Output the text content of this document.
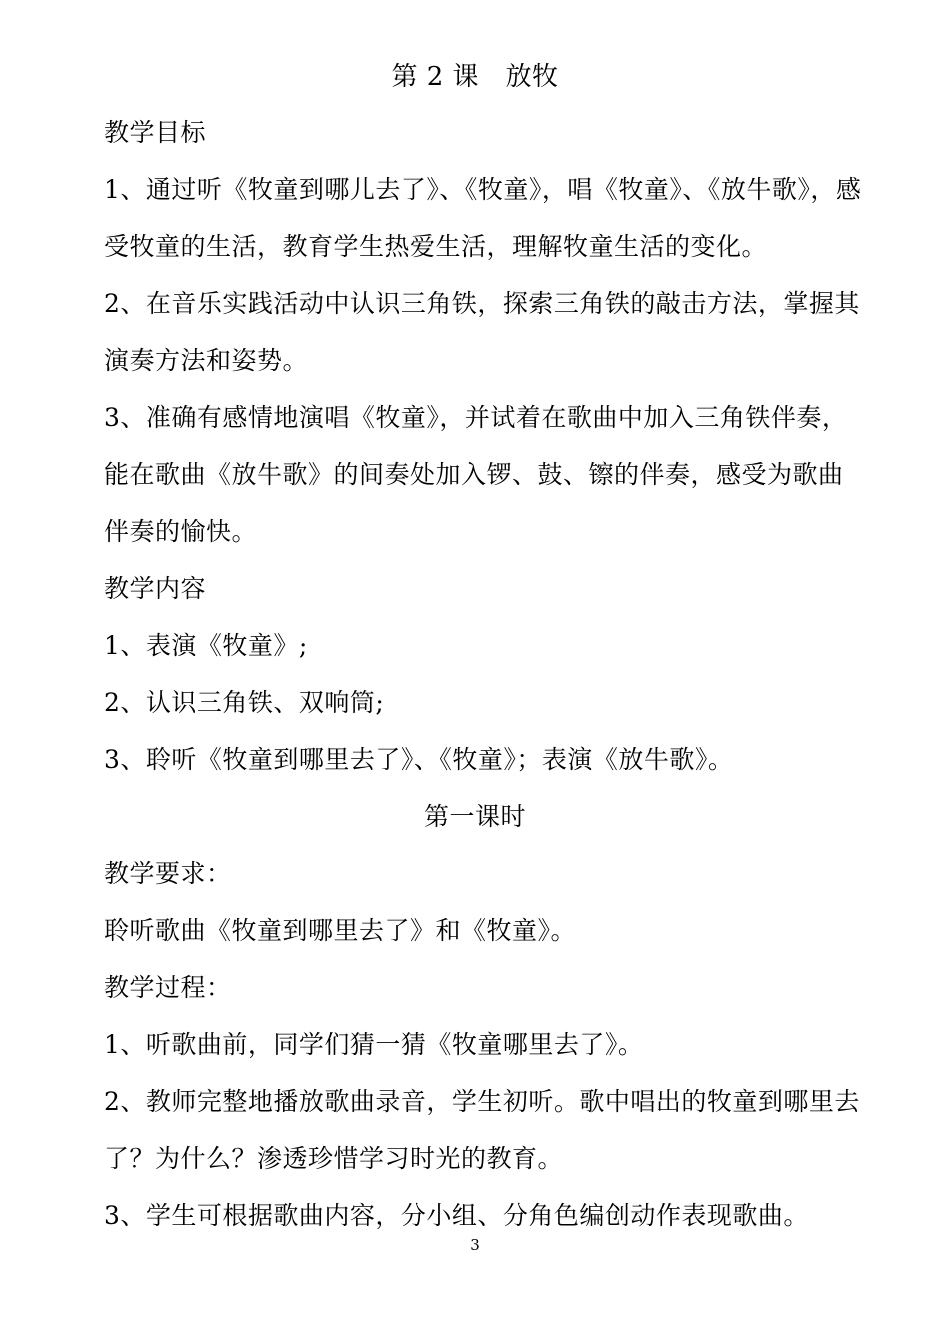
第 2 课　放牧
教学目标
1、通过听《牧童到哪儿去了》、《牧童》，唱《牧童》、《放牛歌》，感
受牧童的生活，教育学生热爱生活，理解牧童生活的变化。
2、在音乐实践活动中认识三角铁，探索三角铁的敲击方法，掌握其
演奏方法和姿势。
3、准确有感情地演唱《牧童》，并试着在歌曲中加入三角铁伴奏，
能在歌曲《放牛歌》的间奏处加入锣、鼓、镲的伴奏，感受为歌曲
伴奏的愉快。
教学内容
1、表演《牧童》;
2、认识三角铁、双响筒;
3、聆听《牧童到哪里去了》、《牧童》；表演《放牛歌》。
第一课时
教学要求：
聆听歌曲《牧童到哪里去了》和《牧童》。
教学过程：
1、听歌曲前，同学们猜一猜《牧童哪里去了》。
2、教师完整地播放歌曲录音，学生初听。歌中唱出的牧童到哪里去
了？为什么？渗透珍惜学习时光的教育。
3、学生可根据歌曲内容，分小组、分角色编创动作表现歌曲。
3
